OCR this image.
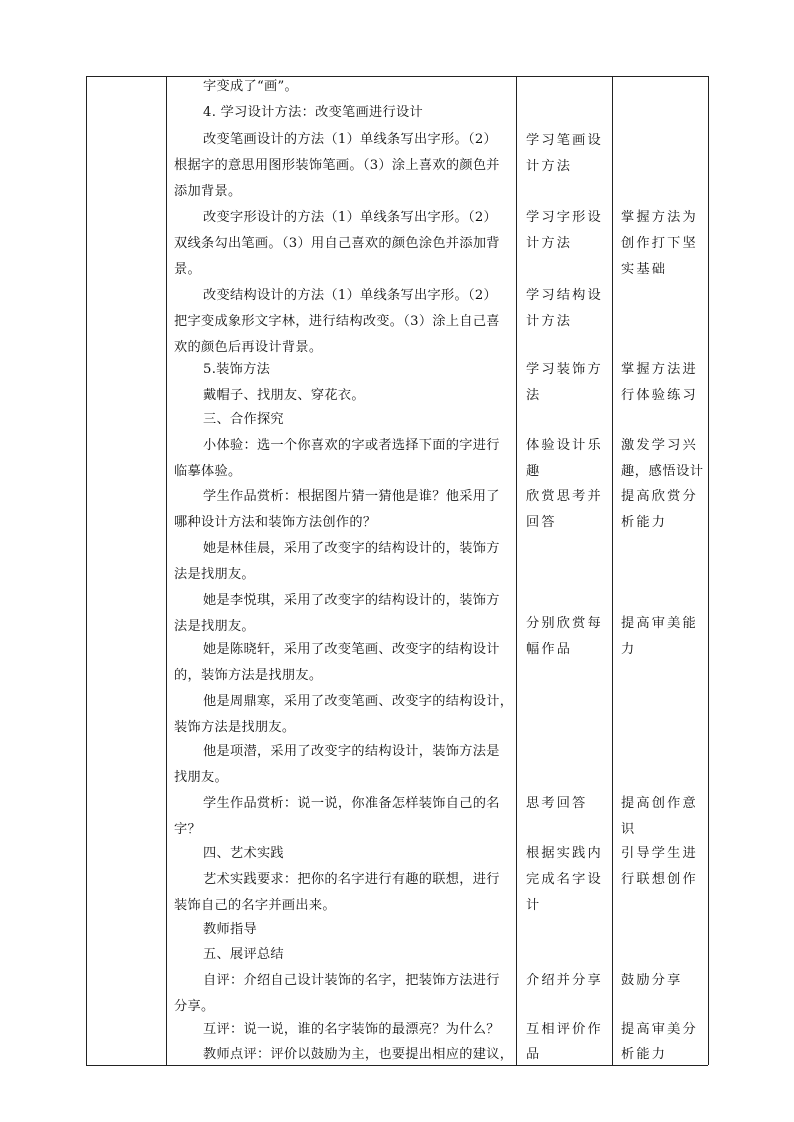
字变成了“画”。
4. 学习设计方法：改变笔画进行设计
改变笔画设计的方法（1）单线条写出字形。（2）
根据字的意思用图形装饰笔画。（3）涂上喜欢的颜色并
添加背景。
改变字形设计的方法（1）单线条写出字形。（2）
双线条勾出笔画。（3）用自己喜欢的颜色涂色并添加背
景。
改变结构设计的方法（1）单线条写出字形。（2）
把字变成象形文字林，进行结构改变。（3）涂上自己喜
欢的颜色后再设计背景。
5.装饰方法
戴帽子、找朋友、穿花衣。
三、合作探究
小体验：选一个你喜欢的字或者选择下面的字进行
临摹体验。
学生作品赏析：根据图片猜一猜他是谁？他采用了
哪种设计方法和装饰方法创作的？
她是林佳晨，采用了改变字的结构设计的，装饰方
法是找朋友。
她是李悦琪，采用了改变字的结构设计的，装饰方
法是找朋友。
她是陈晓轩，采用了改变笔画、改变字的结构设计
的，装饰方法是找朋友。
他是周鼎寒，采用了改变笔画、改变字的结构设计，
装饰方法是找朋友。
他是项潜，采用了改变字的结构设计，装饰方法是
找朋友。
学生作品赏析：说一说，你准备怎样装饰自己的名
字？
四、艺术实践
艺术实践要求：把你的名字进行有趣的联想，进行
装饰自己的名字并画出来。
教师指导
五、展评总结
自评：介绍自己设计装饰的名字，把装饰方法进行
分享。
互评：说一说，谁的名字装饰的最漂亮？为什么？
教师点评：评价以鼓励为主，也要提出相应的建议，
学习笔画设
计方法
学习字形设
计方法
学习结构设
计方法
学习装饰方
法
体验设计乐
趣
欣赏思考并
回答
分别欣赏每
幅作品
思考回答
根据实践内
完成名字设
计
介绍并分享
互相评价作
品
掌握方法为
创作打下坚
实基础
掌握方法进
行体验练习
激发学习兴
趣，感悟设计
提高欣赏分
析能力
提高审美能
力
提高创作意
识
引导学生进
行联想创作
鼓励分享
提高审美分
析能力
